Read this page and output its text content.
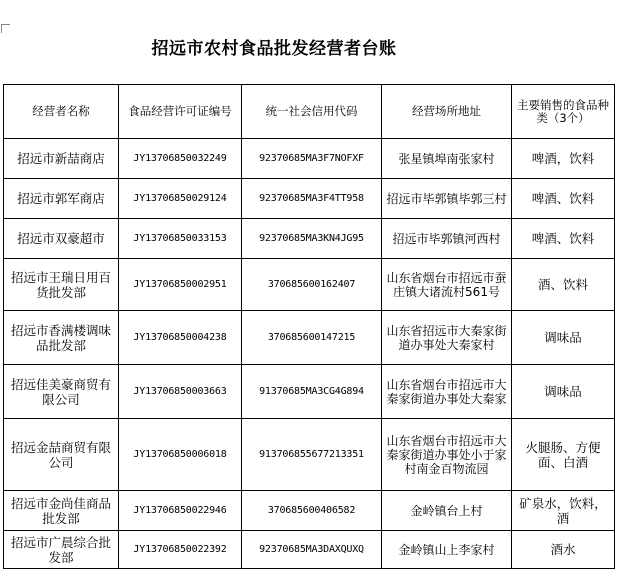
招远市农村食品批发经营者台账
经营者名称	食品经营许可证编号	统一社会信用代码	经营场所地址	主要销售的食品种类（3个）
招远市新喆商店	JY13706850032249	92370685MA3F7NOFXF	张星镇埠南张家村	啤酒，饮料
招远市郭军商店	JY13706850029124	92370685MA3F4TT958	招远市毕郭镇毕郭三村	啤酒、饮料
招远市双豪超市	JY13706850033153	92370685MA3KN4JG95	招远市毕郭镇河西村	啤酒、饮料
招远市王瑞日用百货批发部	JY13706850002951	370685600162407	山东省烟台市招远市蚕庄镇大诸流村561号	酒、饮料
招远市香满楼调味品批发部	JY13706850004238	370685600147215	山东省招远市大秦家街道办事处大秦家村	调味品
招远佳美豪商贸有限公司	JY13706850003663	91370685MA3CG4G894	山东省烟台市招远市大秦家街道办事处大秦家	调味品
招远金喆商贸有限公司	JY13706850006018	913706855677213351	山东省烟台市招远市大秦家街道办事处小于家村南金百物流园	火腿肠、方便面、白酒
招远市金尚佳商品批发部	JY13706850022946	370685600406582	金岭镇台上村	矿泉水，饮料，酒
招远市广晨综合批发部	JY13706850022392	92370685MA3DAXQUXQ	金岭镇山上李家村	酒水
